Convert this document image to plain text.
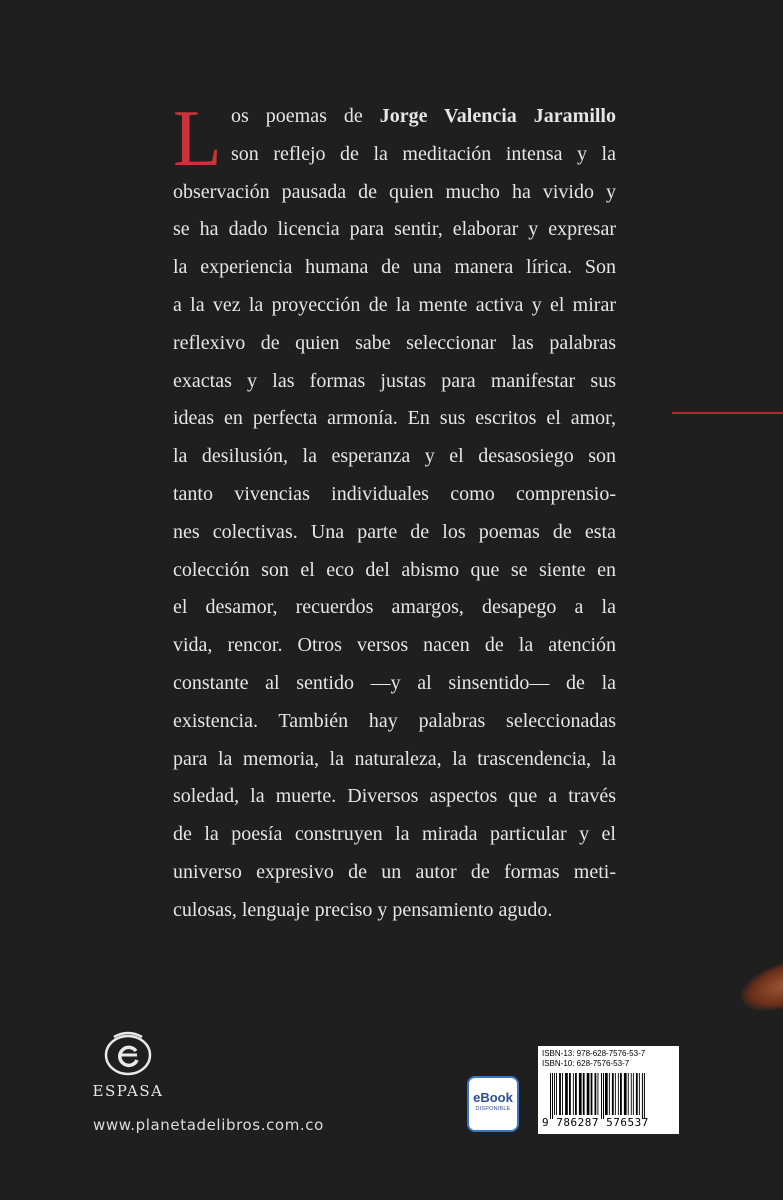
L os poemas de Jorge Valencia Jaramillo
son reflejo de la meditación intensa y la
observación pausada de quien mucho ha vivido y
se ha dado licencia para sentir, elaborar y expresar
la experiencia humana de una manera lírica. Son
a la vez la proyección de la mente activa y el mirar
reflexivo de quien sabe seleccionar las palabras
exactas y las formas justas para manifestar sus
ideas en perfecta armonía. En sus escritos el amor,
la desilusión, la esperanza y el desasosiego son
tanto vivencias individuales como comprensio-
nes colectivas. Una parte de los poemas de esta
colección son el eco del abismo que se siente en
el desamor, recuerdos amargos, desapego a la
vida, rencor. Otros versos nacen de la atención
constante al sentido —y al sinsentido— de la
existencia. También hay palabras seleccionadas
para la memoria, la naturaleza, la trascendencia, la
soledad, la muerte. Diversos aspectos que a través
de la poesía construyen la mirada particular y el
universo expresivo de un autor de formas meti-
culosas, lenguaje preciso y pensamiento agudo.
ESPASA
www.planetadelibros.com.co
eBook
DISPONIBLE
ISBN-13: 978-628-7576-53-7
ISBN-10: 628-7576-53-7
9 786287 576537
